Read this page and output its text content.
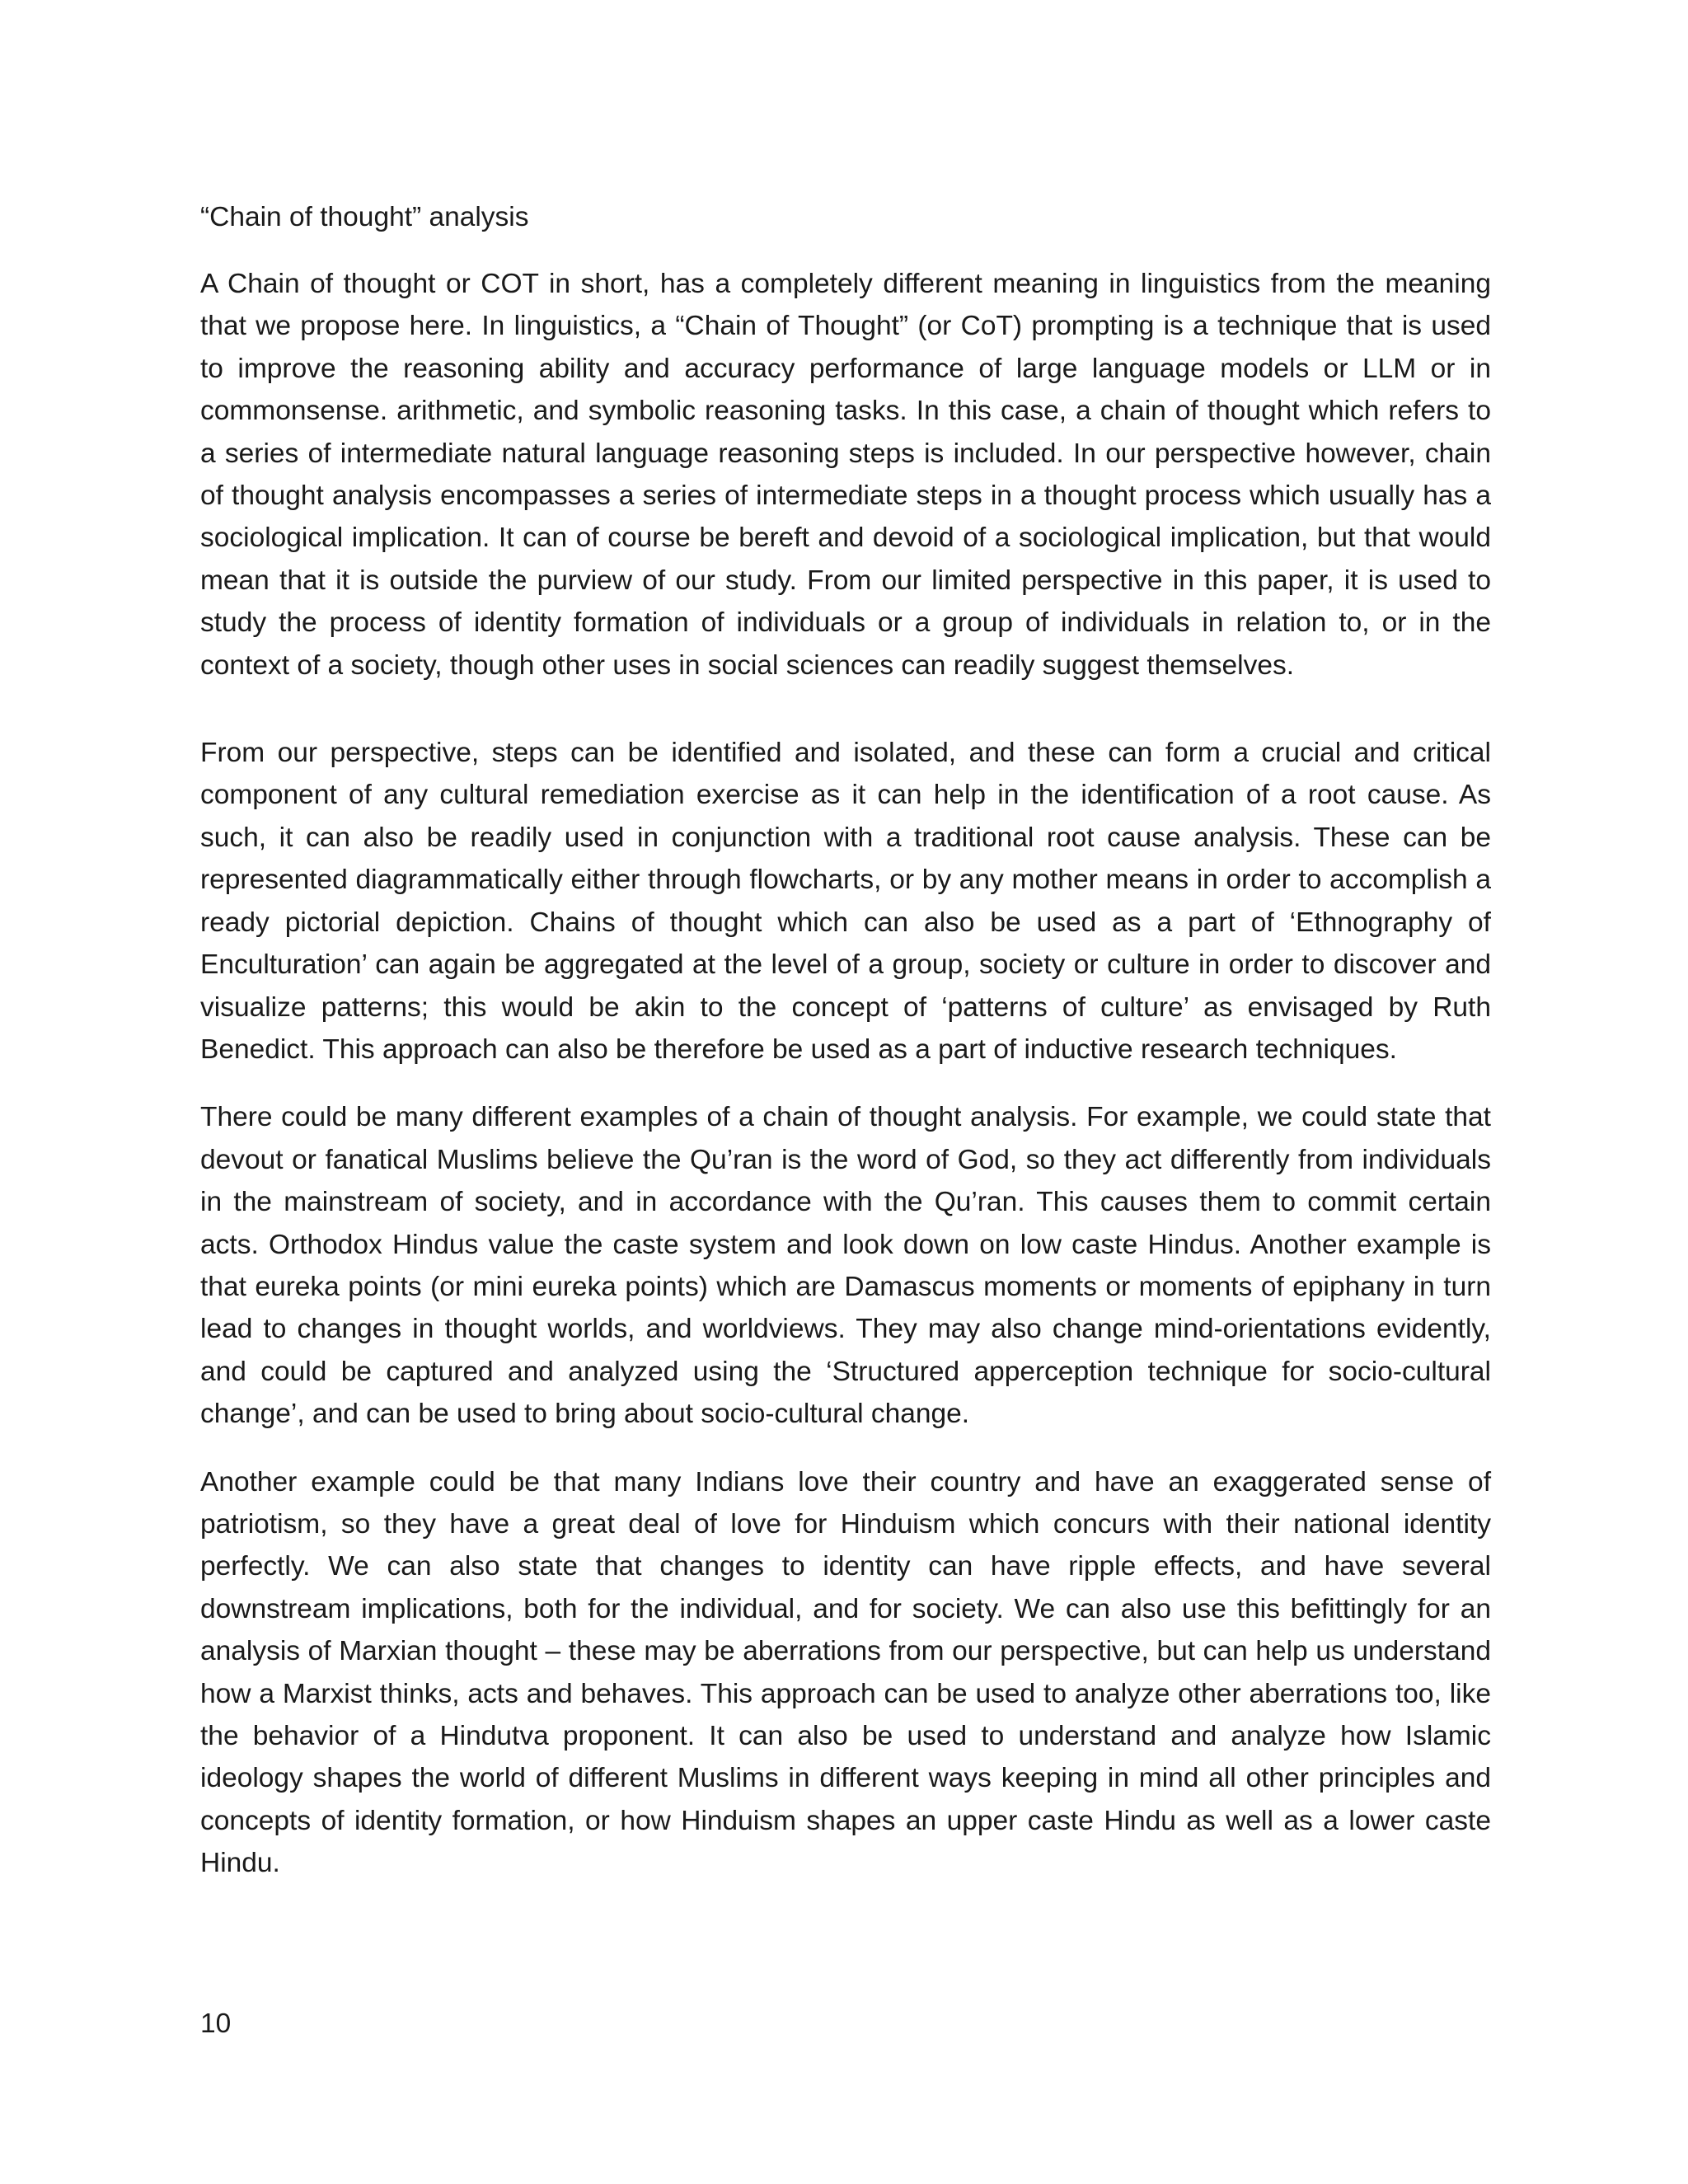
“Chain of thought” analysis

A Chain of thought or COT in short, has a completely different meaning in linguistics from the meaning that we propose here. In linguistics, a “Chain of Thought” (or CoT) prompting is a technique that is used to improve the reasoning ability and accuracy performance of large language models or LLM or in commonsense. arithmetic, and symbolic reasoning tasks. In this case, a chain of thought which refers to a series of intermediate natural language reasoning steps is included. In our perspective however, chain of thought analysis encompasses a series of intermediate steps in a thought process which usually has a sociological implication. It can of course be bereft and devoid of a sociological implication, but that would mean that it is outside the purview of our study. From our limited perspective in this paper, it is used to study the process of identity formation of individuals or a group of individuals in relation to, or in the context of a society, though other uses in social sciences can readily suggest themselves.

From our perspective, steps can be identified and isolated, and these can form a crucial and critical component of any cultural remediation exercise as it can help in the identification of a root cause. As such, it can also be readily used in conjunction with a traditional root cause analysis. These can be represented diagrammatically either through flowcharts, or by any mother means in order to accomplish a ready pictorial depiction. Chains of thought which can also be used as a part of ‘Ethnography of Enculturation’ can again be aggregated at the level of a group, society or culture in order to discover and visualize patterns; this would be akin to the concept of ‘patterns of culture’ as envisaged by Ruth Benedict. This approach can also be therefore be used as a part of inductive research techniques.

There could be many different examples of a chain of thought analysis. For example, we could state that devout or fanatical Muslims believe the Qu’ran is the word of God, so they act differently from individuals in the mainstream of society, and in accordance with the Qu’ran. This causes them to commit certain acts. Orthodox Hindus value the caste system and look down on low caste Hindus. Another example is that eureka points (or mini eureka points) which are Damascus moments or moments of epiphany in turn lead to changes in thought worlds, and worldviews. They may also change mind-orientations evidently, and could be captured and analyzed using the ‘Structured apperception technique for socio-cultural change’, and can be used to bring about socio-cultural change.

Another example could be that many Indians love their country and have an exaggerated sense of patriotism, so they have a great deal of love for Hinduism which concurs with their national identity perfectly. We can also state that changes to identity can have ripple effects, and have several downstream implications, both for the individual, and for society. We can also use this befittingly for an analysis of Marxian thought – these may be aberrations from our perspective, but can help us understand how a Marxist thinks, acts and behaves. This approach can be used to analyze other aberrations too, like the behavior of a Hindutva proponent. It can also be used to understand and analyze how Islamic ideology shapes the world of different Muslims in different ways keeping in mind all other principles and concepts of identity formation, or how Hinduism shapes an upper caste Hindu as well as a lower caste Hindu.

10
